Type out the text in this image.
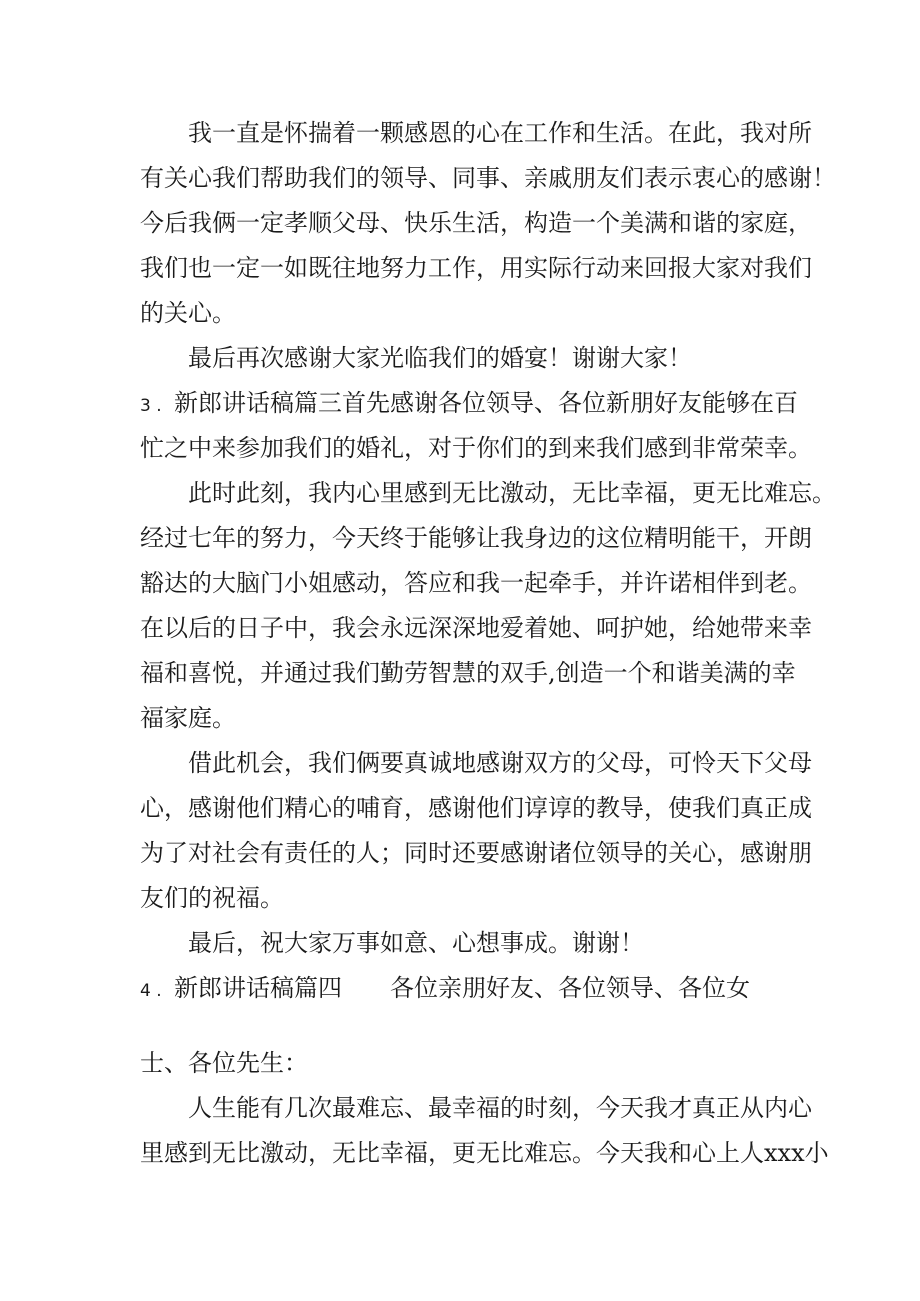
我一直是怀揣着一颗感恩的心在工作和生活。在此，我对所
有关心我们帮助我们的领导、同事、亲戚朋友们表示衷心的感谢！
今后我俩一定孝顺父母、快乐生活，构造一个美满和谐的家庭，
我们也一定一如既往地努力工作，用实际行动来回报大家对我们
的关心。
最后再次感谢大家光临我们的婚宴！谢谢大家！
3 . 新郎讲话稿篇三首先感谢各位领导、各位新朋好友能够在百
忙之中来参加我们的婚礼，对于你们的到来我们感到非常荣幸。
此时此刻，我内心里感到无比激动，无比幸福，更无比难忘。
经过七年的努力，今天终于能够让我身边的这位精明能干，开朗
豁达的大脑门小姐感动，答应和我一起牵手，并许诺相伴到老。
在以后的日子中，我会永远深深地爱着她、呵护她，给她带来幸
福和喜悦，并通过我们勤劳智慧的双手,创造一个和谐美满的幸
福家庭。
借此机会，我们俩要真诚地感谢双方的父母，可怜天下父母
心，感谢他们精心的哺育，感谢他们谆谆的教导，使我们真正成
为了对社会有责任的人；同时还要感谢诸位领导的关心，感谢朋
友们的祝福。
最后，祝大家万事如意、心想事成。谢谢！
4 . 新郎讲话稿篇四 各位亲朋好友、各位领导、各位女
士、各位先生：
人生能有几次最难忘、最幸福的时刻，今天我才真正从内心
里感到无比激动，无比幸福，更无比难忘。今天我和心上人xxx小
